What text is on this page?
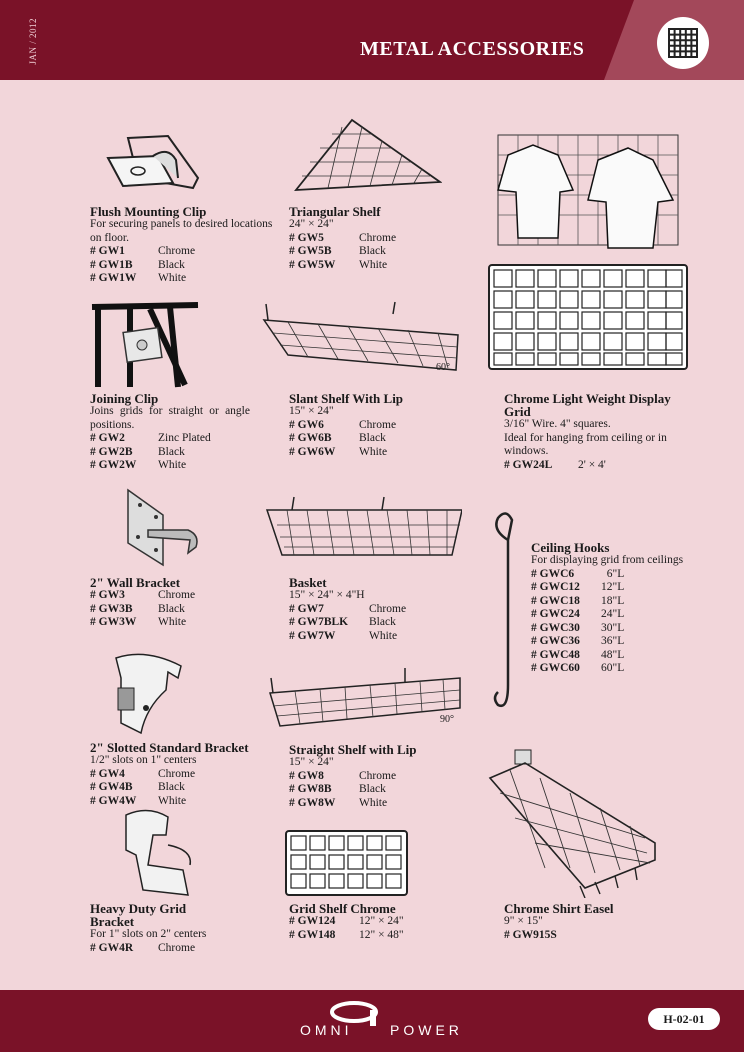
JAN / 2012	METAL ACCESSORIES
Flush Mounting Clip
For securing panels to desired locations on floor.
# GW1	Chrome
# GW1B	Black
# GW1W	White
Triangular Shelf
24" × 24"
# GW5	Chrome
# GW5B	Black
# GW5W	White
60°
Joining Clip
Joins grids for straight or angle positions.
# GW2	Zinc Plated
# GW2B	Black
# GW2W	White
Slant Shelf With Lip
15" × 24"
# GW6	Chrome
# GW6B	Black
# GW6W	White
Chrome Light Weight Display Grid
3/16" Wire. 4" squares.
Ideal for hanging from ceiling or in windows.
# GW24L	2' × 4'
2" Wall Bracket
# GW3	Chrome
# GW3B	Black
# GW3W	White
Basket
15" × 24" × 4"H
# GW7	Chrome
# GW7BLK	Black
# GW7W	White
Ceiling Hooks
For displaying grid from ceilings
# GWC6	6"L
# GWC12	12"L
# GWC18	18"L
# GWC24	24"L
# GWC30	30"L
# GWC36	36"L
# GWC48	48"L
# GWC60	60"L
90°
2" Slotted Standard Bracket
1/2" slots on 1" centers
# GW4	Chrome
# GW4B	Black
# GW4W	White
Straight Shelf with Lip
15" × 24"
# GW8	Chrome
# GW8B	Black
# GW8W	White
Heavy Duty Grid Bracket
For 1" slots on 2" centers
# GW4R	Chrome
Grid Shelf Chrome
# GW124	12" × 24"
# GW148	12" × 48"
Chrome Shirt Easel
9" × 15"
# GW915S
OMNI	POWER
H-02-01
